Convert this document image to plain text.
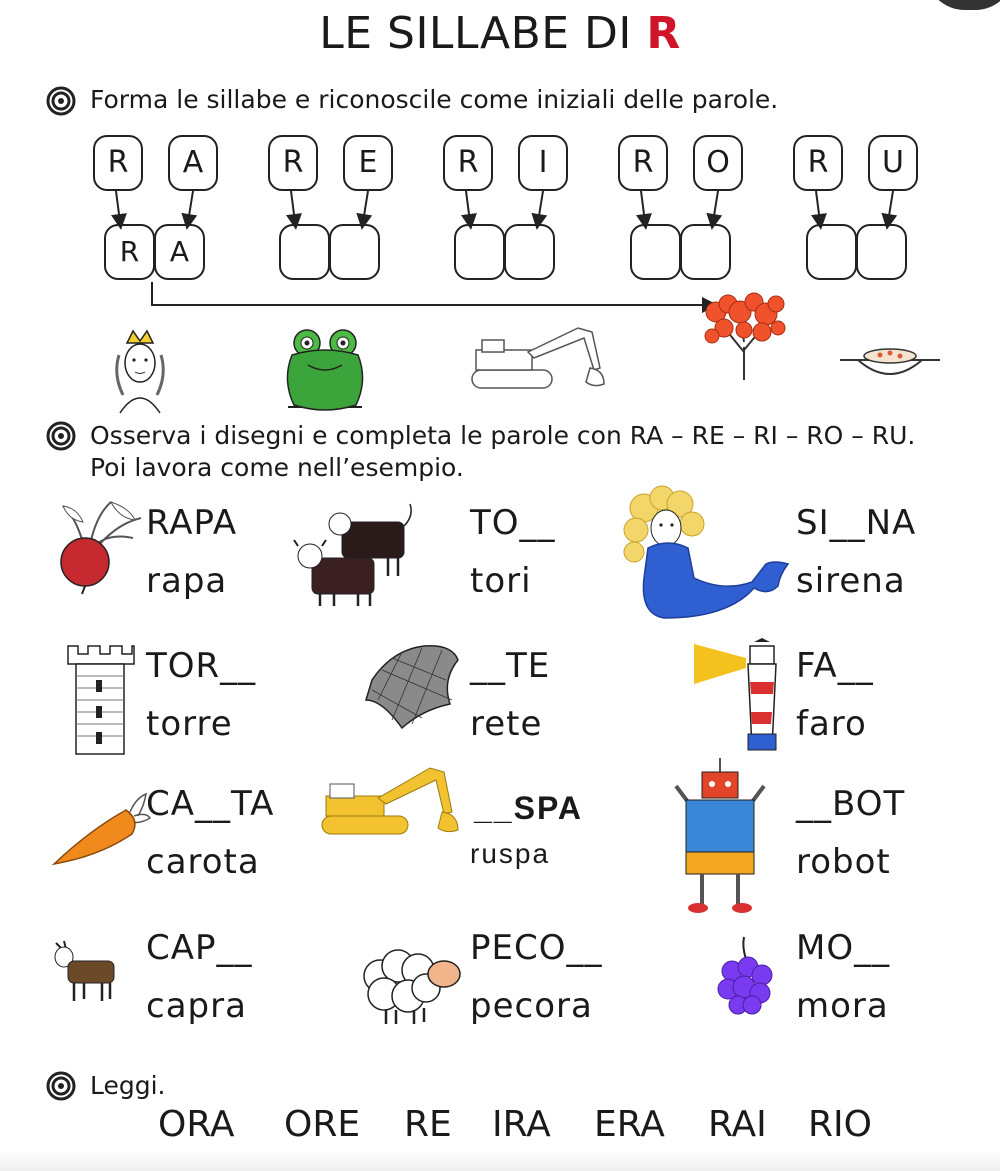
LE SILLABE DI R
Forma le sillabe e riconoscile come iniziali delle parole.
R	A
R	A
R	E	R	I	R	O	R	U
Osserva i disegni e completa le parole con RA – RE – RI – RO – RU.
Poi lavora come nell’esempio.
RAPA
rapa
TO__
tori
SI__NA
sirena
TOR__
torre
__TE
rete
FA__
faro
CA__TA
carota
__SPA
ruspa
__BOT
robot
CAP__
capra
PECO__
pecora
MO__
mora
Leggi.
ORA ORE RE IRA ERA RAI RIO
